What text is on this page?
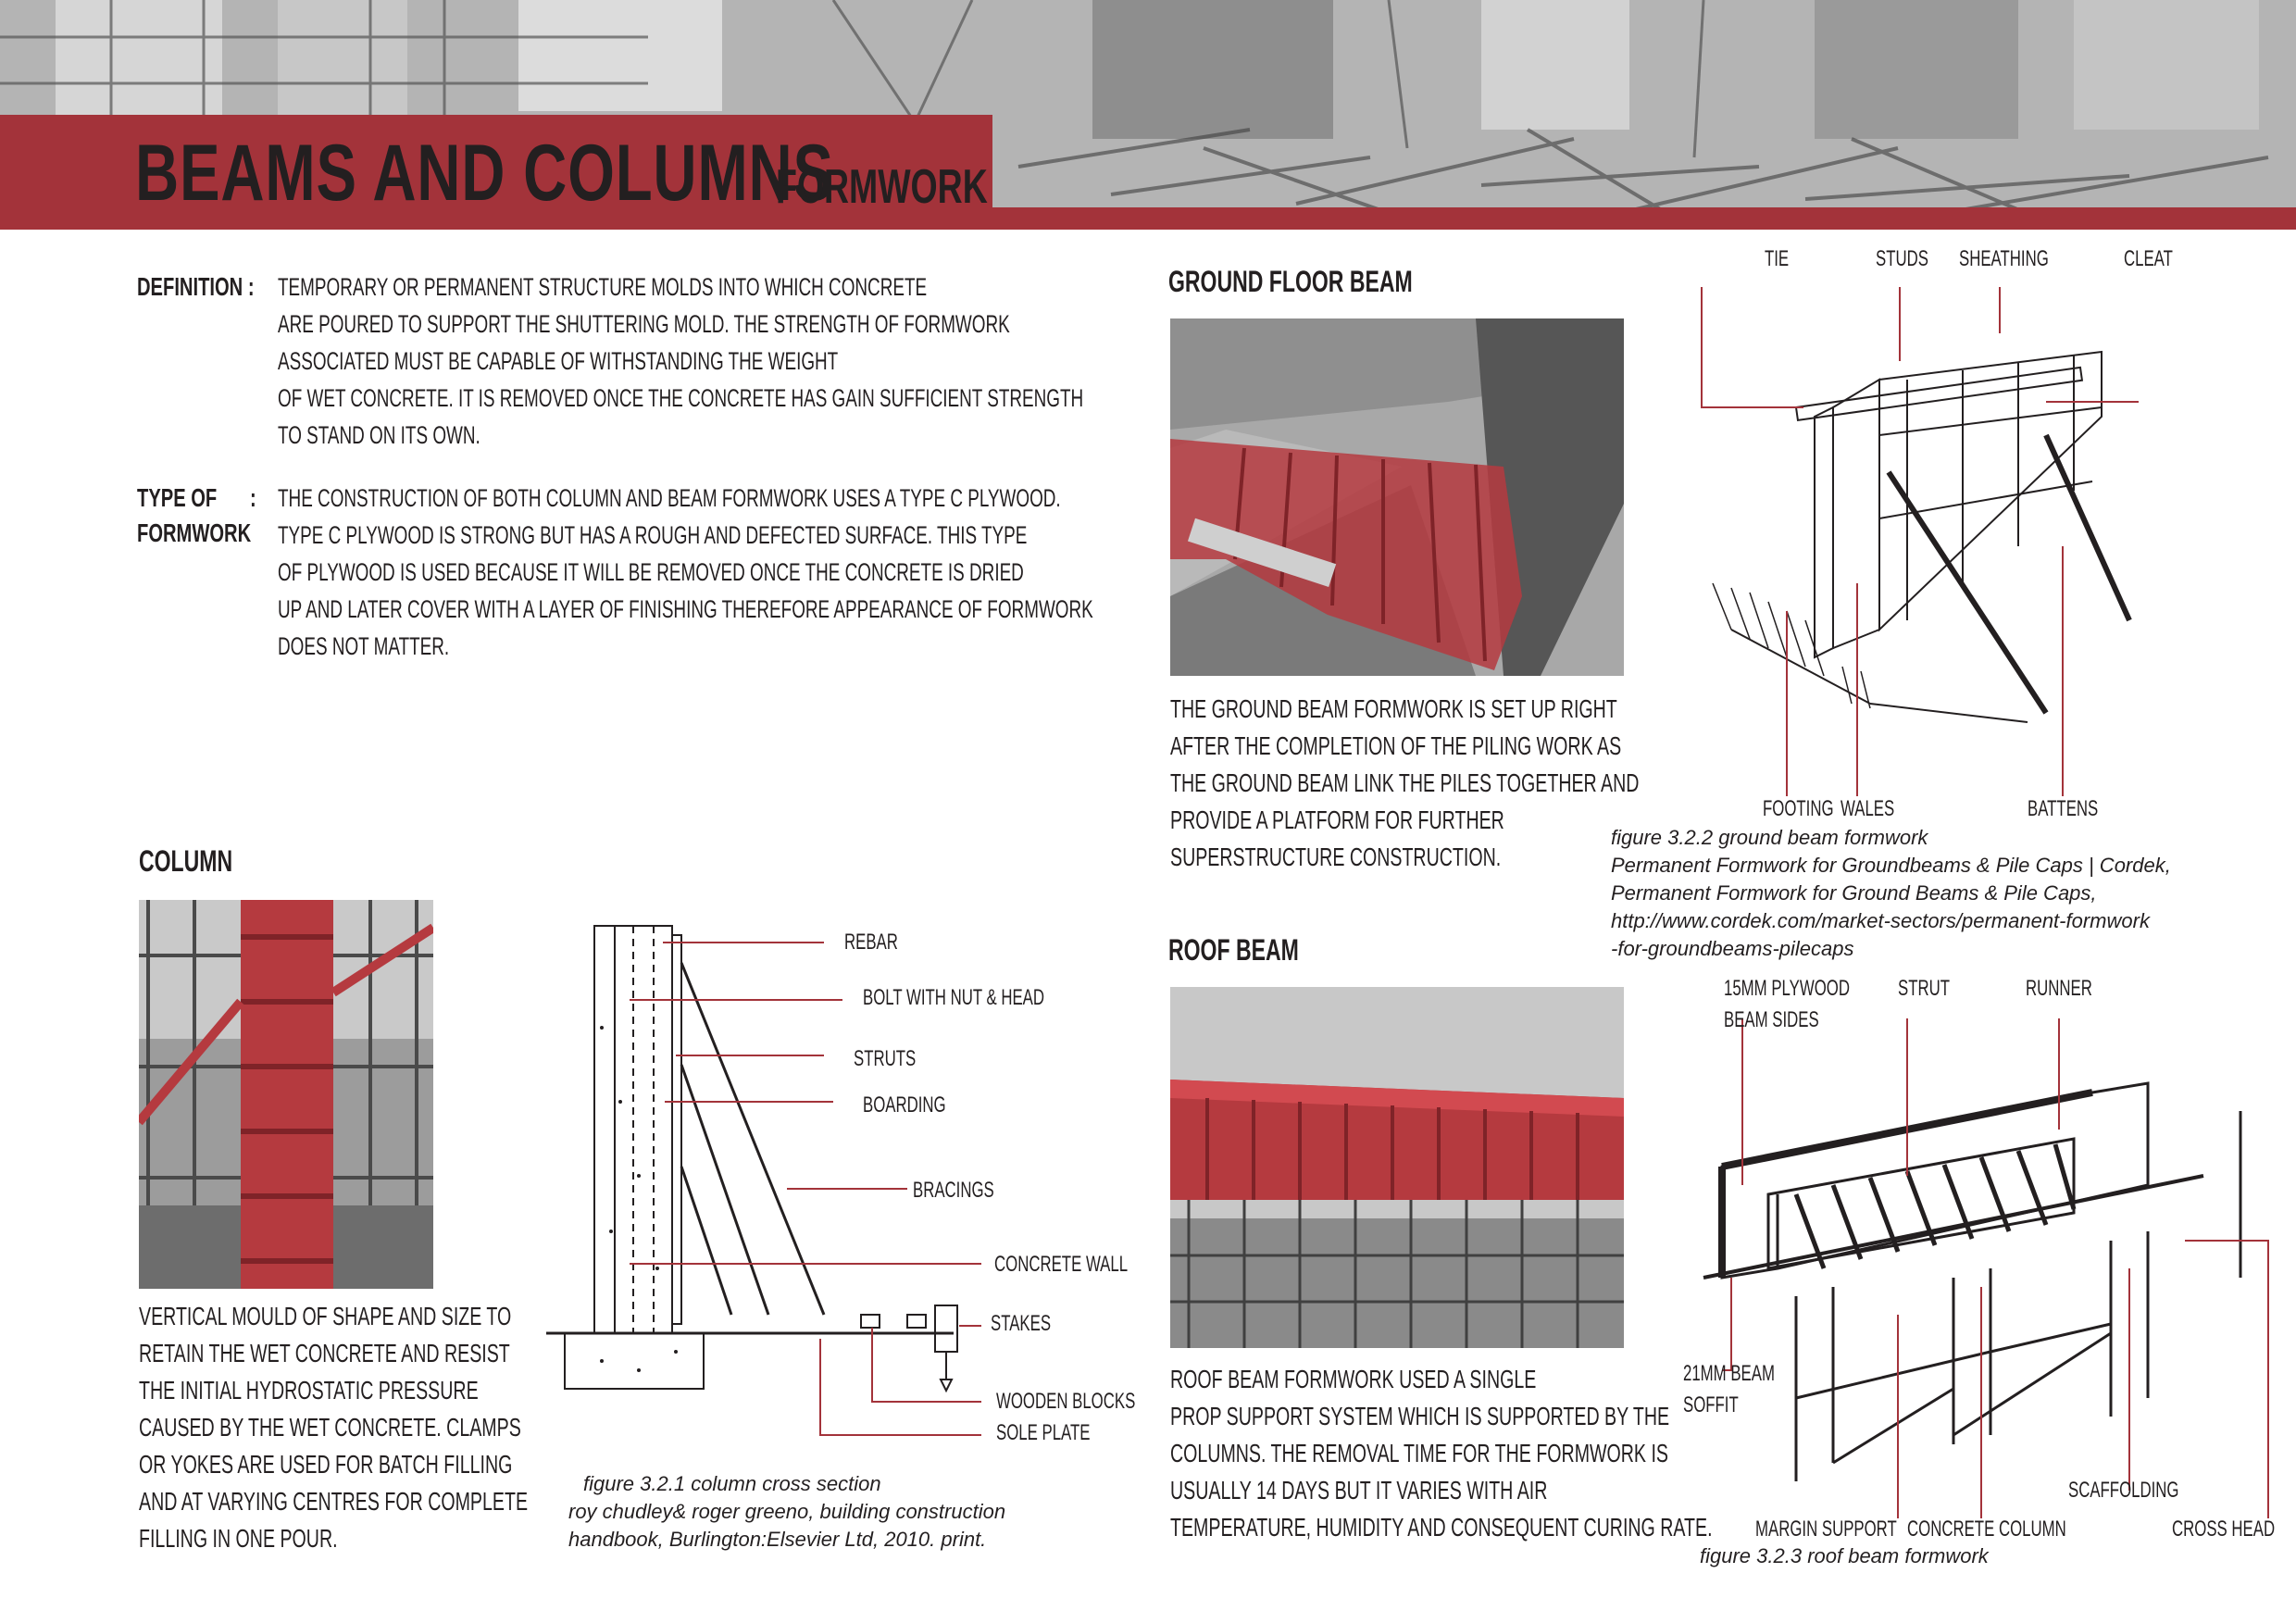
BEAMS AND COLUMNS
FORMWORK
DEFINITION : TEMPORARY OR PERMANENT STRUCTURE MOLDS INTO WHICH CONCRETE
ARE POURED TO SUPPORT THE SHUTTERING MOLD. THE STRENGTH OF FORMWORK
ASSOCIATED MUST BE CAPABLE OF WITHSTANDING THE WEIGHT
OF WET CONCRETE. IT IS REMOVED ONCE THE CONCRETE HAS GAIN SUFFICIENT STRENGTH
TO STAND ON ITS OWN.
TYPE OF
FORMWORK
: THE CONSTRUCTION OF BOTH COLUMN AND BEAM FORMWORK USES A TYPE C PLYWOOD.
TYPE C PLYWOOD IS STRONG BUT HAS A ROUGH AND DEFECTED SURFACE. THIS TYPE
OF PLYWOOD IS USED BECAUSE IT WILL BE REMOVED ONCE THE CONCRETE IS DRIED
UP AND LATER COVER WITH A LAYER OF FINISHING THEREFORE APPEARANCE OF FORMWORK
DOES NOT MATTER.
COLUMN
VERTICAL MOULD OF SHAPE AND SIZE TO
RETAIN THE WET CONCRETE AND RESIST
THE INITIAL HYDROSTATIC PRESSURE
CAUSED BY THE WET CONCRETE. CLAMPS
OR YOKES ARE USED FOR BATCH FILLING
AND AT VARYING CENTRES FOR COMPLETE
FILLING IN ONE POUR.
REBAR
BOLT WITH NUT & HEAD
STRUTS
BOARDING
BRACINGS
CONCRETE WALL
STAKES
WOODEN BLOCKS
SOLE PLATE
figure 3.2.1 column cross section
roy chudley& roger greeno, building construction
handbook, Burlington:Elsevier Ltd, 2010. print.
GROUND FLOOR BEAM
THE GROUND BEAM FORMWORK IS SET UP RIGHT
AFTER THE COMPLETION OF THE PILING WORK AS
THE GROUND BEAM LINK THE PILES TOGETHER AND
PROVIDE A PLATFORM FOR FURTHER
SUPERSTRUCTURE CONSTRUCTION.
TIE	STUDS SHEATHING	CLEAT
FOOTING WALES	BATTENS
figure 3.2.2 ground beam formwork
Permanent Formwork for Groundbeams & Pile Caps | Cordek,
Permanent Formwork for Ground Beams & Pile Caps,
http://www.cordek.com/market-sectors/permanent-formwork
-for-groundbeams-pilecaps
ROOF BEAM
ROOF BEAM FORMWORK USED A SINGLE
PROP SUPPORT SYSTEM WHICH IS SUPPORTED BY THE
COLUMNS. THE REMOVAL TIME FOR THE FORMWORK IS
USUALLY 14 DAYS BUT IT VARIES WITH AIR
TEMPERATURE, HUMIDITY AND CONSEQUENT CURING RATE.
15MM PLYWOOD
BEAM SIDES
STRUT	RUNNER
21MM BEAM
SOFFIT
SCAFFOLDING
MARGIN SUPPORT CONCRETE COLUMN	CROSS HEAD
figure 3.2.3 roof beam formwork
